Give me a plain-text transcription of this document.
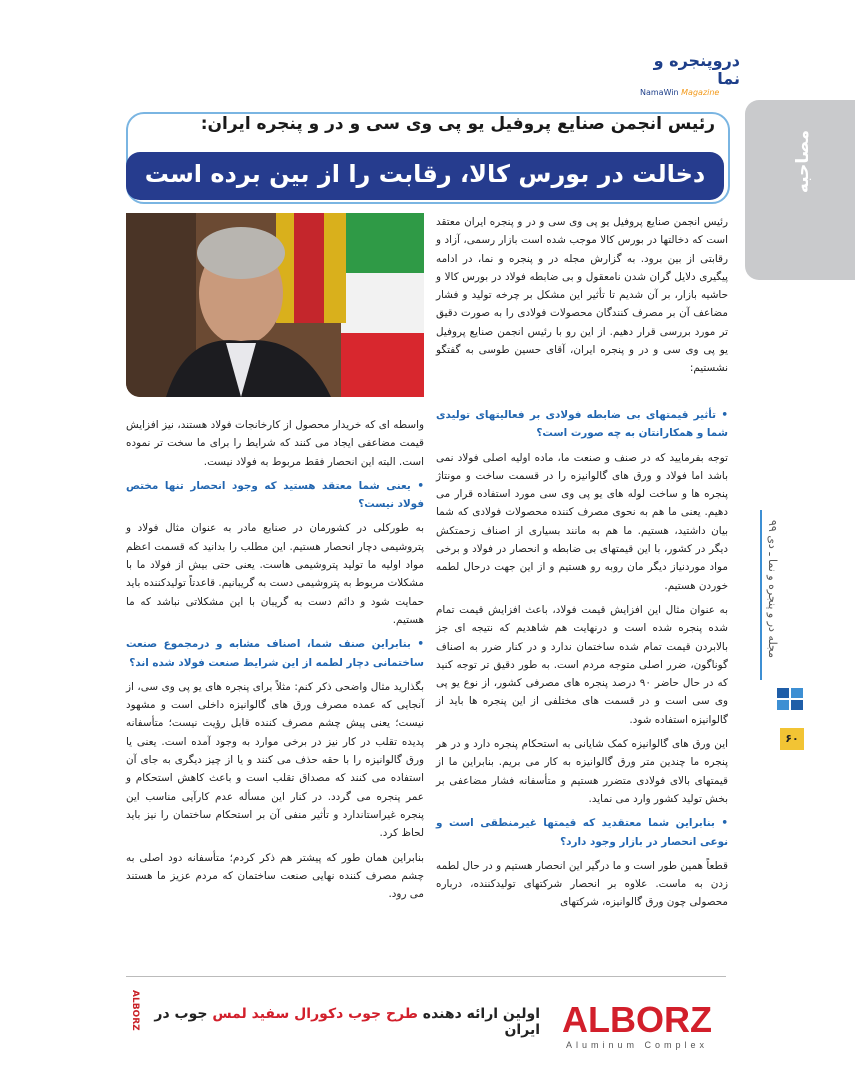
دروپنجره و نما
NamaWin Magazine
مصاحبه
رئیس انجمن صنایع پروفیل یو پی وی سی و در و پنجره ایران:
دخالت در بورس کالا، رقابت را از بین برده است

رئیس انجمن صنایع پروفیل یو پی وی سی و در و پنجره ایران معتقد است که دخالتها در بورس کالا موجب شده است بازار رسمی، آزاد و رقابتی از بین برود. به گزارش مجله در و پنجره و نما، در ادامه پیگیری دلایل گران شدن نامعقول و بی ضابطه فولاد در بورس کالا و حاشیه بازار، بر آن شدیم تا تأثیر این مشکل بر چرخه تولید و فشار مضاعف آن بر مصرف کنندگان محصولات فولادی را به صورت دقیق تر مورد بررسی قرار دهیم. از این رو با رئیس انجمن صنایع پروفیل یو پی وی سی و در و پنجره ایران، آقای حسین طوسی به گفتگو نشستیم:

• تأثیر قیمتهای بی ضابطه فولادی بر فعالیتهای تولیدی شما و همکارانتان به چه صورت است؟

توجه بفرمایید که در صنف و صنعت ما، ماده اولیه اصلی فولاد نمی باشد اما فولاد و ورق های گالوانیزه را در قسمت ساخت و مونتاژ پنجره ها و ساخت لوله های یو پی وی سی مورد استفاده قرار می دهیم. یعنی ما هم به نحوی مصرف کننده محصولات فولادی که شما بیان داشتید، هستیم. ما هم به مانند بسیاری از اصناف زحمتکش دیگر در کشور، با این قیمتهای بی ضابطه و انحصار در فولاد و برخی مواد موردنیاز دیگر مان روبه رو هستیم و از این جهت درحال لطمه خوردن هستیم.

به عنوان مثال این افزایش قیمت فولاد، باعث افزایش قیمت تمام شده پنجره شده است و درنهایت هم شاهدیم که نتیجه ای جز بالابردن قیمت تمام شده ساختمان ندارد و در کنار ضرر به اصناف گوناگون، ضرر اصلی متوجه مردم است. به طور دقیق تر توجه کنید که در حال حاضر ۹۰ درصد پنجره های مصرفی کشور، از نوع یو پی وی سی است و در قسمت های مختلفی از این پنجره ها باید از گالوانیزه استفاده شود.

این ورق های گالوانیزه کمک شایانی به استحکام پنجره دارد و در هر پنجره ما چندین متر ورق گالوانیزه به کار می بریم. بنابراین ما از قیمتهای بالای فولادی متضرر هستیم و متأسفانه فشار مضاعفی بر بخش تولید کشور وارد می نماید.

• بنابراین شما معتقدید که قیمتها غیرمنطقی است و نوعی انحصار در بازار وجود دارد؟

قطعاً همین طور است و ما درگیر این انحصار هستیم و در حال لطمه زدن به ماست. علاوه بر انحصار شرکتهای تولیدکننده، درباره محصولی چون ورق گالوانیزه، شرکتهای

واسطه ای که خریدار محصول از کارخانجات فولاد هستند، نیز افزایش قیمت مضاعفی ایجاد می کنند که شرایط را برای ما سخت تر نموده است. البته این انحصار فقط مربوط به فولاد نیست.

• یعنی شما معتقد هستید که وجود انحصار تنها مختص فولاد نیست؟

به طورکلی در کشورمان در صنایع مادر به عنوان مثال فولاد و پتروشیمی دچار انحصار هستیم. این مطلب را بدانید که قسمت اعظم مواد اولیه ما تولید پتروشیمی هاست. یعنی حتی بیش از فولاد ما با مشکلات مربوط به پتروشیمی دست به گریبانیم. قاعدتاً تولیدکننده باید حمایت شود و دائم دست به گریبان با این مشکلاتی نباشد که ما هستیم.

• بنابراین صنف شما، اصناف مشابه و درمجموع صنعت ساختمانی دچار لطمه از این شرایط صنعت فولاد شده اند؟

بگذارید مثال واضحی ذکر کنم: مثلاً برای پنجره های یو پی وی سی، از آنجایی که عمده مصرف ورق های گالوانیزه داخلی است و مشهود نیست؛ یعنی پیش چشم مصرف کننده قابل رؤیت نیست؛ متأسفانه پدیده تقلب در کار نیز در برخی موارد به وجود آمده است. یعنی یا ورق گالوانیزه را با حقه حذف می کنند و یا از چیز دیگری به جای آن استفاده می کنند که مصداق تقلب است و باعث کاهش استحکام و عمر پنجره می گردد. در کنار این مسأله عدم کارآیی مناسب این پنجره غیراستاندارد و تأثیر منفی آن بر استحکام ساختمان را نیز باید لحاظ کرد.

بنابراین همان طور که پیشتر هم ذکر کردم؛ متأسفانه دود اصلی به چشم مصرف کننده نهایی صنعت ساختمان که مردم عزیز ما هستند می رود.

مجله در و پنجره و نما ـ دی ۹۹
۶۰
ALBORZ
Aluminum Complex
اولین ارائه دهنده طرح جوب دکورال سفید لمس جوب در ایران
ALBORZ
